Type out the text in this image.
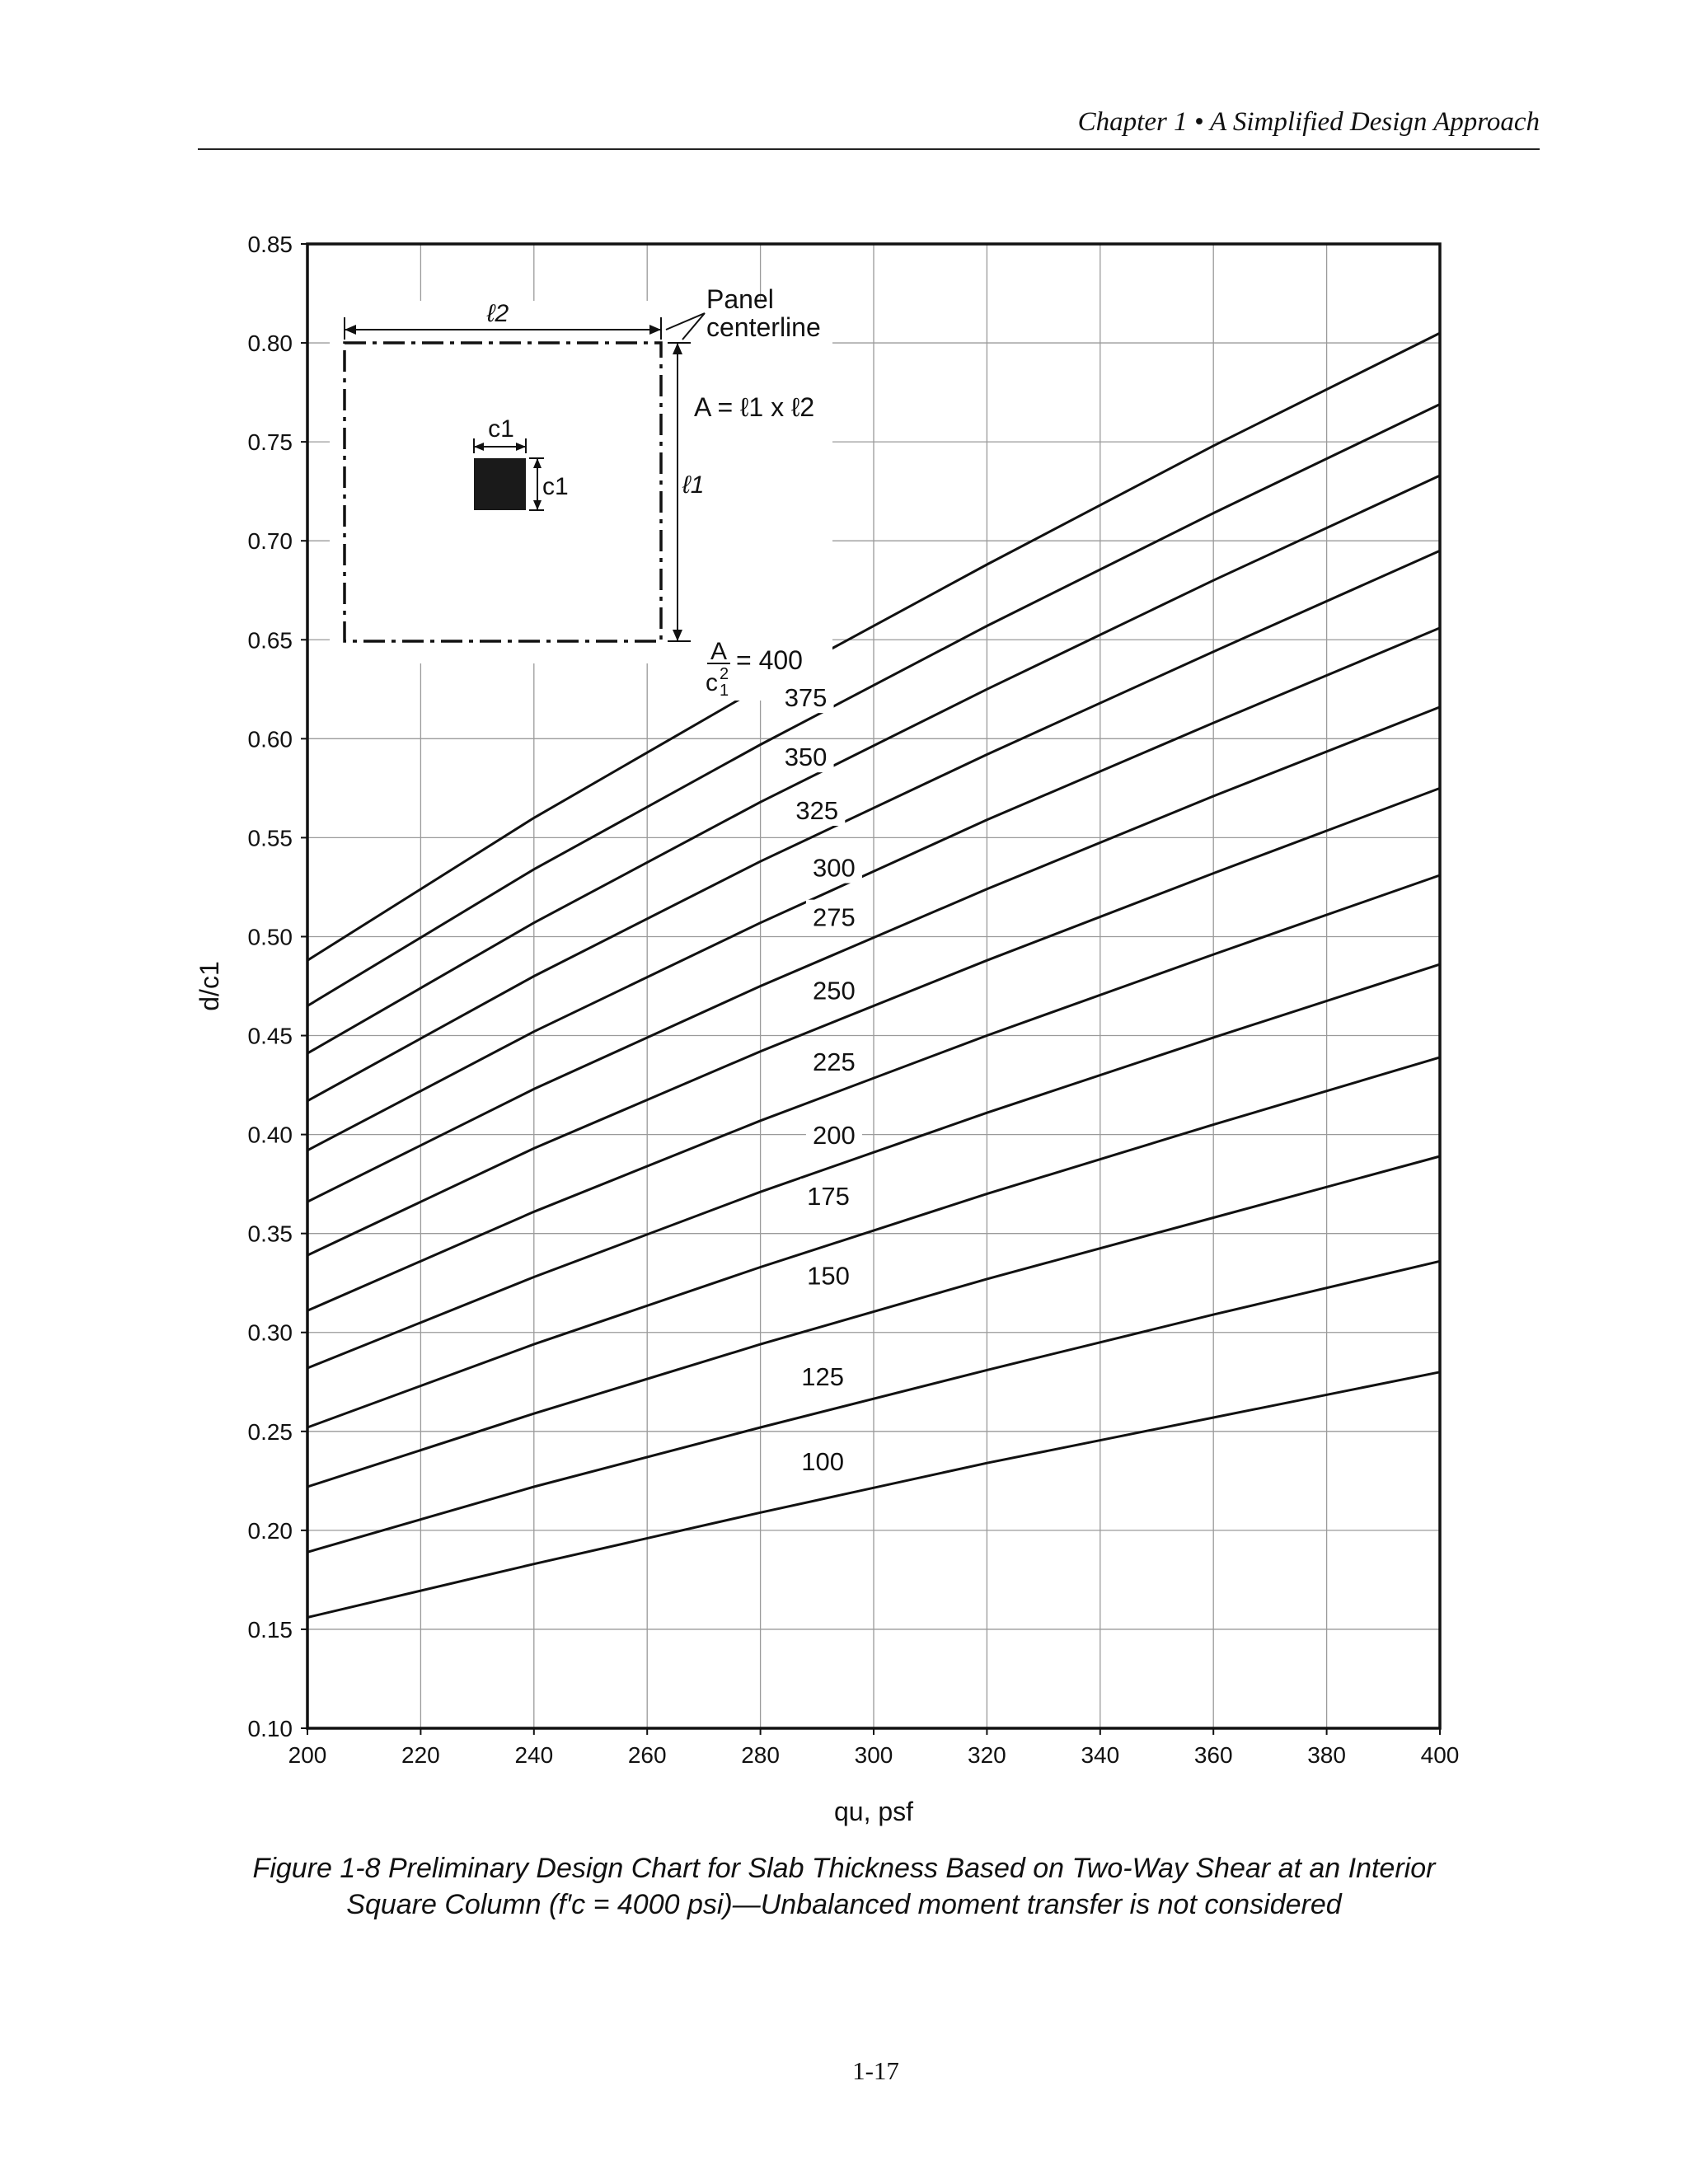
Chapter 1 • A Simplified Design Approach
ℓ2
c1
c1	ℓ1
Panel
centerline
A = ℓ1 x ℓ2
A
c 2
1
= 400
375
350
325
300
275
250
225
200
175
150
125
100
200	220	240	260	280	300	320	340	360	380	400
0.10
0.15
0.20
0.25
0.30
0.35
0.40
0.45
0.50
0.55
0.60
0.65
0.70
0.75
0.80
0.85
qu, psf
d/c1
Figure 1-8 Preliminary Design Chart for Slab Thickness Based on Two-Way Shear at an Interior
Square Column (f′c = 4000 psi)—Unbalanced moment transfer is not considered
1-17
